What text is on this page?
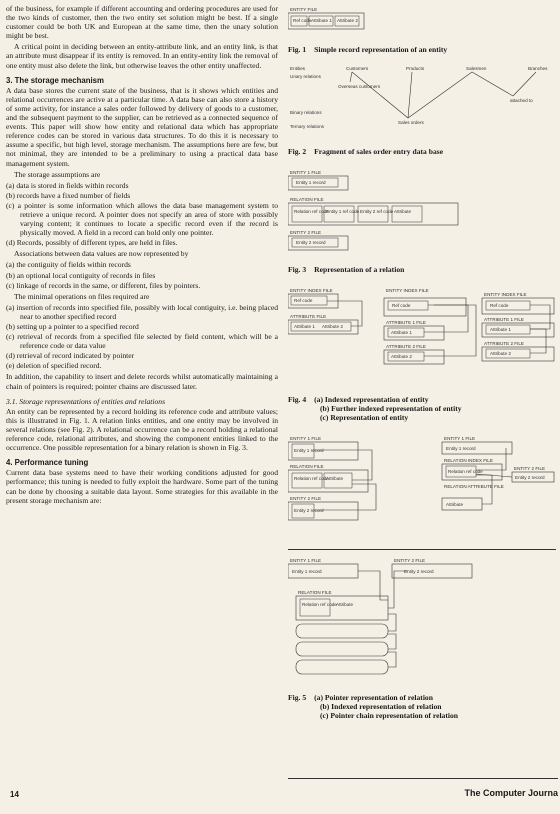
of the business, for example if different accounting and ordering procedures are used for the two kinds of customer, then the two entity set solution might be best. If a single customer could be both UK and European at the same time, then the unary solution might be best.

A critical point in deciding between an entity-attribute link, and an entity link, is that an attribute must disappear if its entity is removed. In an entity-entity link the removal of one entity must also delete the link, but otherwise leaves the other entity unaffected.

3. The storage mechanism

A data base stores the current state of the business, that is it shows which entities and relational occurrences are active at a particular time. A data base can also store a history of some activity, for instance a sales order followed by delivery of goods to a customer, and the subsequent payment to the supplier, can be retrieved as a connected sequence of events. This paper will show how entity and relational data which has appropriate reference codes can be stored in various data structures. To do this it is necessary to assume a specific, but high level, storage mechanism. The assumptions here are few, but not minimal, they are intended to be a preliminary to using a practical data base management system.

The storage assumptions are

(a) data is stored in fields within records
(b) records have a fixed number of fields
(c) a pointer is some information which allows the data base management system to retrieve a unique record. A pointer does not specify an area of store with possibly varying content; it continues to locate a specific record even if the record is physically moved. A field in a record can hold only one pointer.
(d) Records, possibly of different types, are held in files.

Associations between data values are now represented by

(a) the contiguity of fields within records
(b) an optional local contiguity of records in files
(c) linkage of records in the same, or different, files by pointers.

The minimal operations on files required are

(a) insertion of records into specified file, possibly with local contiguity, i.e. being placed near to another specified record
(b) setting up a pointer to a specified record
(c) retrieval of records from a specified file selected by field content, which will be a reference code or data value
(d) retrieval of record indicated by pointer
(e) deletion of specified record.

In addition, the capability to insert and delete records whilst automatically maintaining a chain of pointers is required; pointer chains are discussed later.

3.1. Storage representations of entities and relations

An entity can be represented by a record holding its reference code and attribute values; this is illustrated in Fig. 1. A relation links entities, and one entity may be involved in several relations (see Fig. 2). A relational occurrence can be a record holding a relational reference code, relational attributes, and showing the component entities linked to the occurrence. One possible representation for a binary relation is shown in Fig. 3.

4. Performance tuning

Current data base systems need to have their working conditions adjusted for good performance; this tuning is needed to fully exploit the hardware. Some part of the tuning can be done by choosing a suitable data layout. Some strategies for this available in the present storage mechanism are:

ENTITY FILE
Ref code Attribute 1 Attribute 2
Fig. 1 Simple record representation of an entity
Entities
Unary relations
Binary relations
Ternary relations
Customers	Products	Salesmen	Branches
Overseas customers
Sales orders
attached to
Fig. 2 Fragment of sales order entry data base
ENTITY 1 FILE
Entity 1 record
RELATION FILE
Relation ref code
Entity 1 ref code Entity 2 ref code Attribute
ENTITY 2 FILE
Entity 2 record
Fig. 3 Representation of a relation
ENTITY INDEX FILE
Ref code
ATTRIBUTE FILE
Attribute 1 Attribute 2
ENTITY INDEX FILE
Ref code
ATTRIBUTE 1 FILE
Attribute 1
ATTRIBUTE 2 FILE
Attribute 2
ENTITY INDEX FILE
Ref code
ATTRIBUTE 1 FILE
Attribute 1
ATTRIBUTE 2 FILE
Attribute 2
Fig. 4 (a) Indexed representation of entity
(b) Further indexed representation of entity
(c) Representation of entity
ENTITY 1 FILE
Entity 1 record
RELATION FILE
Relation ref code
Attribute
ENTITY 2 FILE
Entity 2 record
ENTITY 1 FILE
Entity 1 record
RELATION INDEX FILE
Relation ref code
RELATION ATTRIBUTE FILE
Attribute
ENTITY 2 FILE
Entity 2 record
ENTITY 1 FILE
Entity 1 record
ENTITY 2 FILE
Entity 2 record
RELATION FILE
Relation ref code Attribute
Fig. 5 (a) Pointer representation of relation
(b) Indexed representation of relation
(c) Pointer chain representation of relation
14	The Computer Journa
